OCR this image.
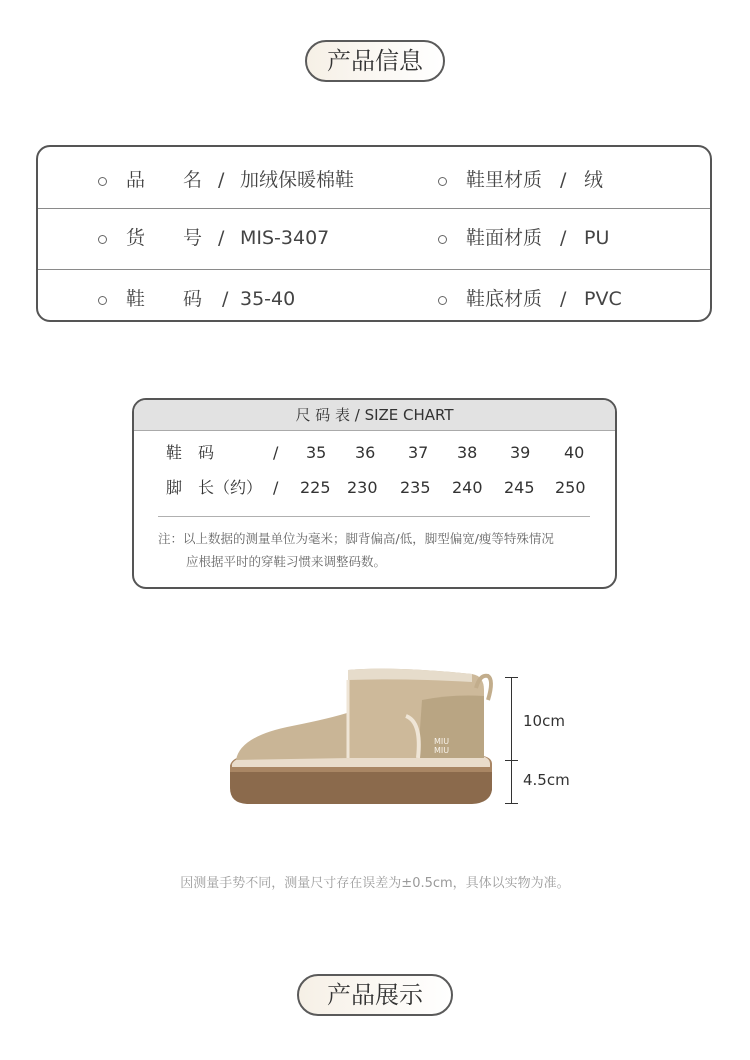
产品信息
品　　名 / 加绒保暖棉鞋	鞋里材质 / 绒
货　　号 / MIS-3407	鞋面材质 / PU
鞋　　码 / 35-40	鞋底材质 / PVC
尺 码 表 / SIZE CHART
鞋　码	/ 35 36 37 38 39 40
脚　长（约） / 225 230 235 240 245 250
注：以上数据的测量单位为毫米；脚背偏高/低，脚型偏宽/瘦等特殊情况
应根据平时的穿鞋习惯来调整码数。
MIU
MIU
10cm
4.5cm
因测量手势不同，测量尺寸存在误差为±0.5cm，具体以实物为准。
产品展示
